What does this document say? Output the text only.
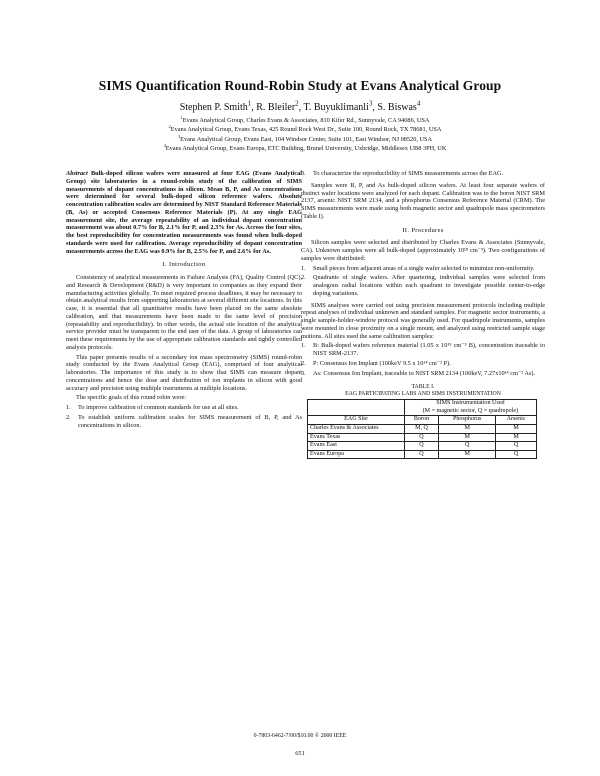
SIMS Quantification Round-Robin Study at Evans Analytical Group
Stephen P. Smith$^1$, R. Bleiler$^2$, T. Buyuklimanli$^3$, S. Biswas$^4$
$^1$Evans Analytical Group, Charles Evans & Associates, 810 Kifer Rd., Sunnyvale, CA 94086, USA
$^2$Evans Analytical Group, Evans Texas, 425 Round Rock West Dr., Suite 100, Round Rock, TX 78681, USA
$^3$Evans Analytical Group, Evans East, 104 Windsor Center, Suite 101, East Windsor, NJ 08520, USA
$^4$Evans Analytical Group, Evans Europa, ETC Building, Brunel University, Uxbridge, Middlesex UB8 3PH, UK

Abstract Bulk-doped silicon wafers were measured at four EAG (Evans Analytical Group) site laboratories in a round-robin study of the calibration of SIMS measurements of dopant concentrations in silicon. Mean B, P, and As concentrations were determined for several bulk-doped silicon reference wafers. Absolute concentration calibration scales are determined by NIST Standard Reference Materials (B, As) or accepted Consensus Reference Materials (P). At any single EAG measurement site, the average repeatability of an individual dopant concentration measurement was about 0.7% for B, 2.1% for P, and 2.3% for As. Across the four sites, the best reproducibility for concentration measurements was found when bulk-doped standards were used for calibration. Average reproducibility of dopant concentration measurements across the EAG was 0.9% for B, 2.5% for P, and 2.6% for As.

I. Introduction

Consistency of analytical measurements in Failure Analysis (FA), Quality Control (QC), and Research & Development (R&D) is very important to companies as they expand their manufacturing activities globally. To meet required process deadlines, it may be necessary to obtain analytical results from supporting laboratories at several different site locations. In this case, it is essential that all quantitative results have been placed on the same absolute calibration, and that measurements have been made to the same level of precision (repeatability and reproducibility). In other words, the actual site location of the analytical service provider must be transparent to the end user of the data. A group of laboratories can meet these requirements by the use of appropriate calibration standards and tightly controlled analysis protocols.

This paper presents results of a secondary ion mass spectrometry (SIMS) round-robin study conducted by the Evans Analytical Group (EAG), comprised of four analytical laboratories. The importance of this study is to show that SIMS can measure dopant concentrations and hence the dose and distribution of ion implants in silicon with good accuracy and precision using multiple instruments at multiple locations.

The specific goals of this round robin were:

1. To improve calibration of common standards for use at all sites.
2. To establish uniform calibration scales for SIMS measurement of B, P, and As concentrations in silicon.
3. To characterize the reproducibility of SIMS measurements across the EAG.

Samples were B, P, and As bulk-doped silicon wafers. At least four separate wafers of distinct wafer locations were analyzed for each dopant. Calibration was to the boron NIST SRM 2137, arsenic NIST SRM 2134, and a phosphorus Consensus Reference Material (CRM). The SIMS measurements were made using both magnetic sector and quadrupole mass spectrometers (Table I).

II. Procedures

Silicon samples were selected and distributed by Charles Evans & Associates (Sunnyvale, CA). Unknown samples were all bulk-doped (approximately 10¹⁸ cm⁻³). Two configurations of samples were distributed:

1. Small pieces from adjacent areas of a single wafer selected to minimize non-uniformity.
2. Quadrants of single wafers. After quartering, individual samples were selected from analogous radial locations within each quadrant to investigate possible center-to-edge doping variations.

SIMS analyses were carried out using precision measurement protocols including multiple repeat analyses of individual unknown and standard samples. For magnetic sector instruments, a single sample-holder-window protocol was generally used. For quadrupole instruments, samples were mounted in close proximity on a single mount, and analyzed using restricted sample stage motions. All sites used the same calibration samples:

1. B: Bulk-doped wafers reference material (1.05 x 10¹⁹ cm⁻³ B), concentration traceable to NIST SRM-2137.
2. P: Consensus Ion Implant (100keV 9.5 x 10¹⁴ cm⁻² P).
3. As: Consensus Ion Implant, traceable to NIST SRM 2134 (100keV, 7.27x10¹⁴ cm⁻² As).
TABLE I.
EAG PARTICIPATING LABS AND SIMS INSTRUMENTATION

	SIMS Instrumentation Used
(M = magnetic sector, Q = quadrupole)		

EAG Site	Boron	Phosphorus	Arsenic
Charles Evans & Associates	M, Q	M	M
Evans Texas	Q	M	M
Evans East	Q	Q	Q
Evans Europa	Q	M	Q
0-7803-6462-7/00/$10.00 © 2000 IEEE
651
